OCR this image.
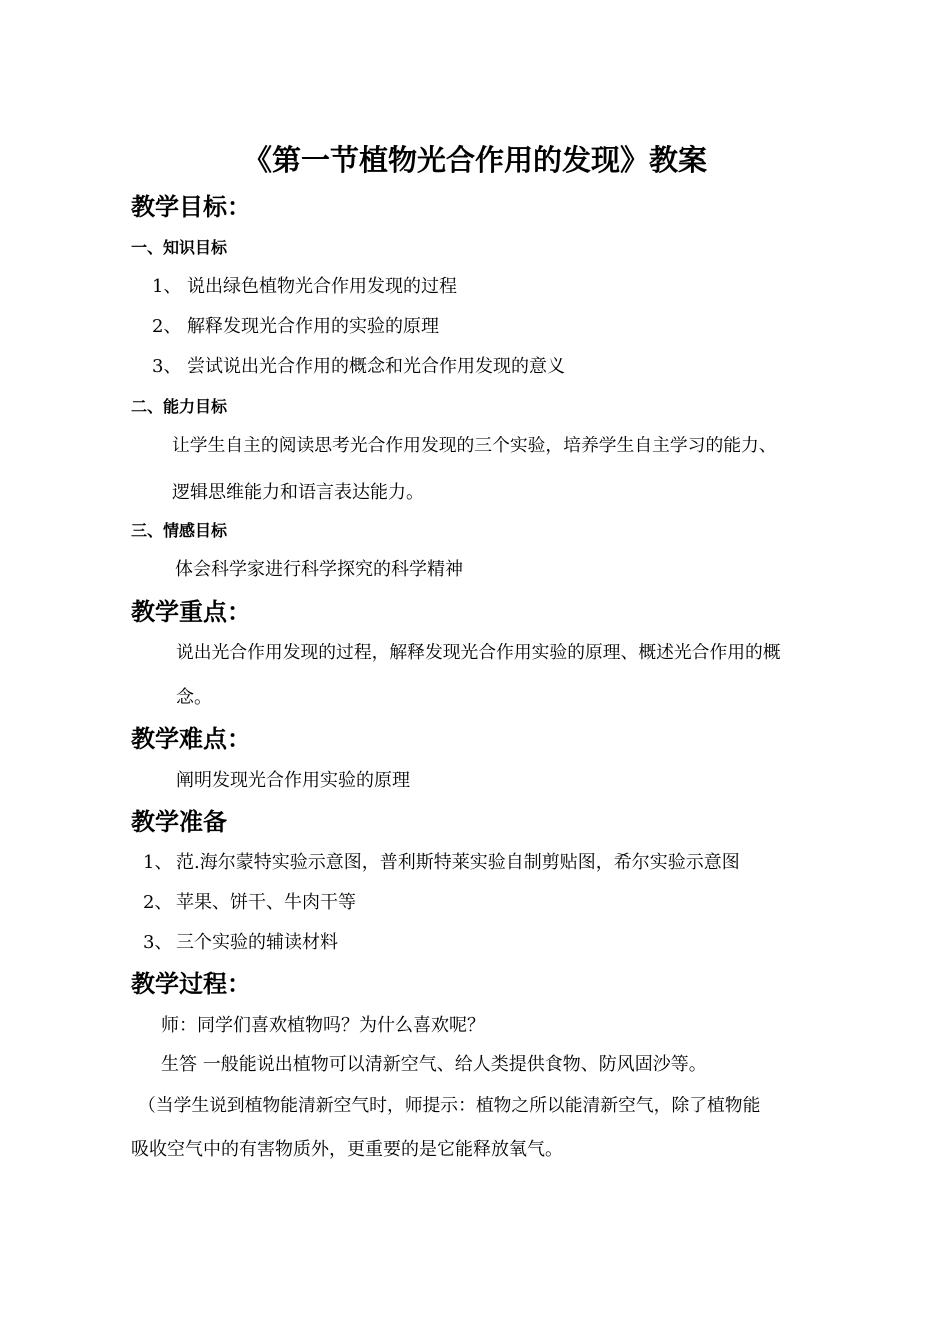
《第一节植物光合作用的发现》教案
教学目标：
一、知识目标
1、 说出绿色植物光合作用发现的过程
2、 解释发现光合作用的实验的原理
3、 尝试说出光合作用的概念和光合作用发现的意义
二、能力目标
让学生自主的阅读思考光合作用发现的三个实验，培养学生自主学习的能力、
逻辑思维能力和语言表达能力。
三、情感目标
体会科学家进行科学探究的科学精神
教学重点：
说出光合作用发现的过程，解释发现光合作用实验的原理、概述光合作用的概
念。
教学难点：
阐明发现光合作用实验的原理
教学准备
1、 范.海尔蒙特实验示意图，普利斯特莱实验自制剪贴图，希尔实验示意图
2、 苹果、饼干、牛肉干等
3、 三个实验的辅读材料
教学过程：
师：同学们喜欢植物吗？为什么喜欢呢？
生答 一般能说出植物可以清新空气、给人类提供食物、防风固沙等。
（当学生说到植物能清新空气时，师提示：植物之所以能清新空气，除了植物能
吸收空气中的有害物质外，更重要的是它能释放氧气。
